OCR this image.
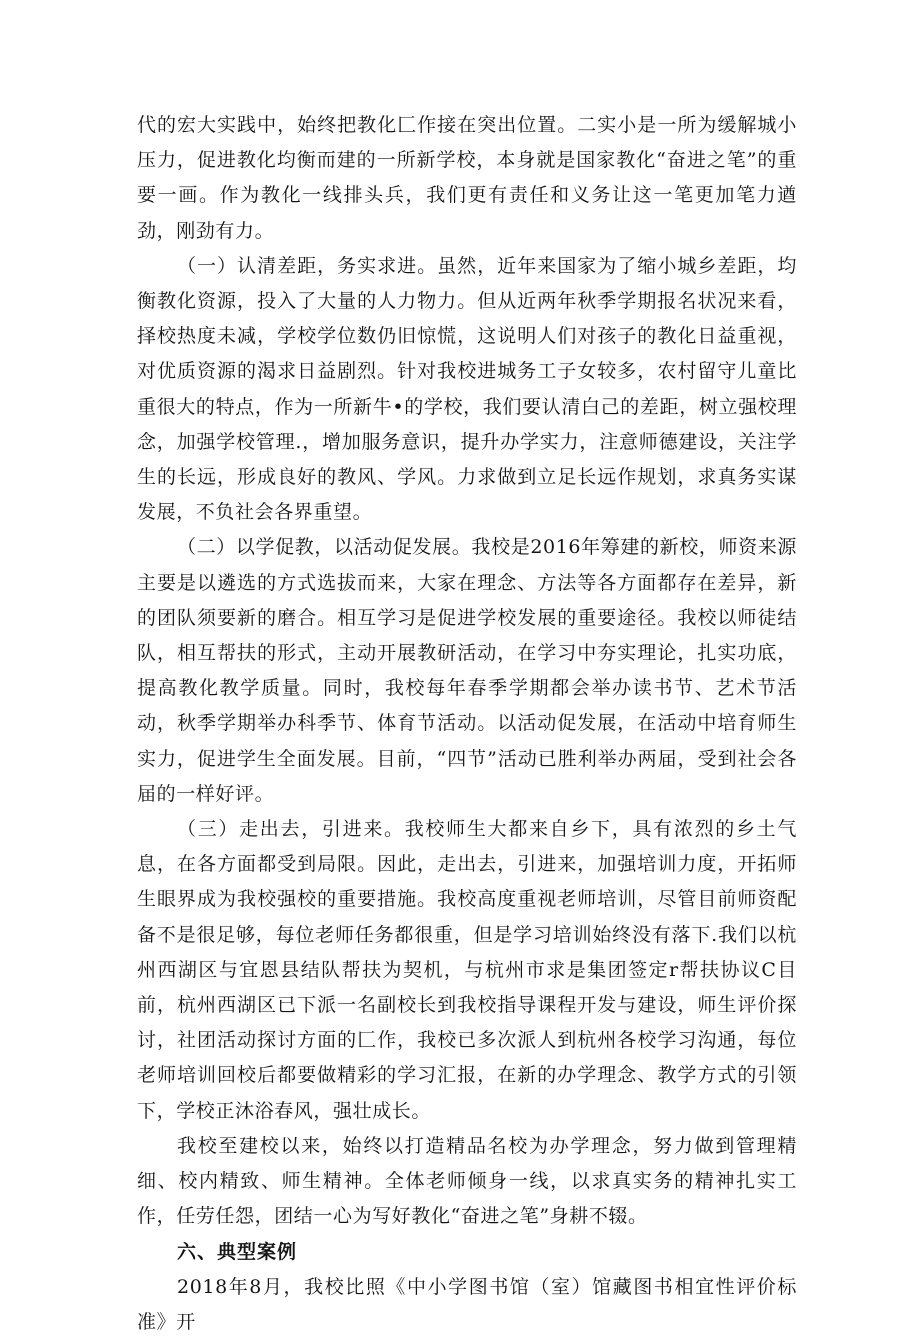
代的宏大实践中，始终把教化匚作接在突出位置。二实小是一所为缓解城小压力，促进教化均衡而建的一所新学校，本身就是国家教化“奋进之笔”的重要一画。作为教化一线排头兵，我们更有责任和义务让这一笔更加笔力遒劲，刚劲有力。

（一）认清差距，务实求进。虽然，近年来国家为了缩小城乡差距，均衡教化资源，投入了大量的人力物力。但从近两年秋季学期报名状况来看，择校热度未减，学校学位数仍旧惊慌，这说明人们对孩子的教化日益重视，对优质资源的渴求日益剧烈。针对我校进城务工子女较多，农村留守儿童比重很大的特点，作为一所新牛•的学校，我们要认清白己的差距，树立强校理念，加强学校管理.，增加服务意识，提升办学实力，注意师德建设，关注学生的长远，形成良好的教风、学风。力求做到立足长远作规划，求真务实谋发展，不负社会各界重望。

（二）以学促教，以活动促发展。我校是2016年筹建的新校，师资来源主要是以遴选的方式选拔而来，大家在理念、方法等各方面都存在差异，新的团队须要新的磨合。相互学习是促进学校发展的重要途径。我校以师徒结队，相互帮扶的形式，主动开展教研活动，在学习中夯实理论，扎实功底，提高教化教学质量。同时，我校每年春季学期都会举办读书节、艺术节活动，秋季学期举办科季节、体育节活动。以活动促发展，在活动中培育师生实力，促进学生全面发展。目前，“四节”活动已胜利举办两届，受到社会各届的一样好评。

（三）走出去，引进来。我校师生大都来自乡下，具有浓烈的乡土气息，在各方面都受到局限。因此，走出去，引进来，加强培训力度，开拓师生眼界成为我校强校的重要措施。我校高度重视老师培训，尽管目前师资配备不是很足够，每位老师任务都很重，但是学习培训始终没有落下.我们以杭州西湖区与宜恩县结队帮扶为契机，与杭州市求是集团签定r帮扶协议C目前，杭州西湖区已下派一名副校长到我校指导课程开发与建设，师生评价探讨，社团活动探讨方面的匚作，我校已多次派人到杭州各校学习沟通，每位老师培训回校后都要做精彩的学习汇报，在新的办学理念、教学方式的引领下，学校正沐浴春风，强壮成长。

我校至建校以来，始终以打造精品名校为办学理念，努力做到管理精细、校内精致、师生精神。全体老师倾身一线，以求真实务的精神扎实工作，任劳任怨，团结一心为写好教化“奋进之笔”身耕不辍。

六、典型案例

2018年8月，我校比照《中小学图书馆（室）馆藏图书相宜性评价标准》开
